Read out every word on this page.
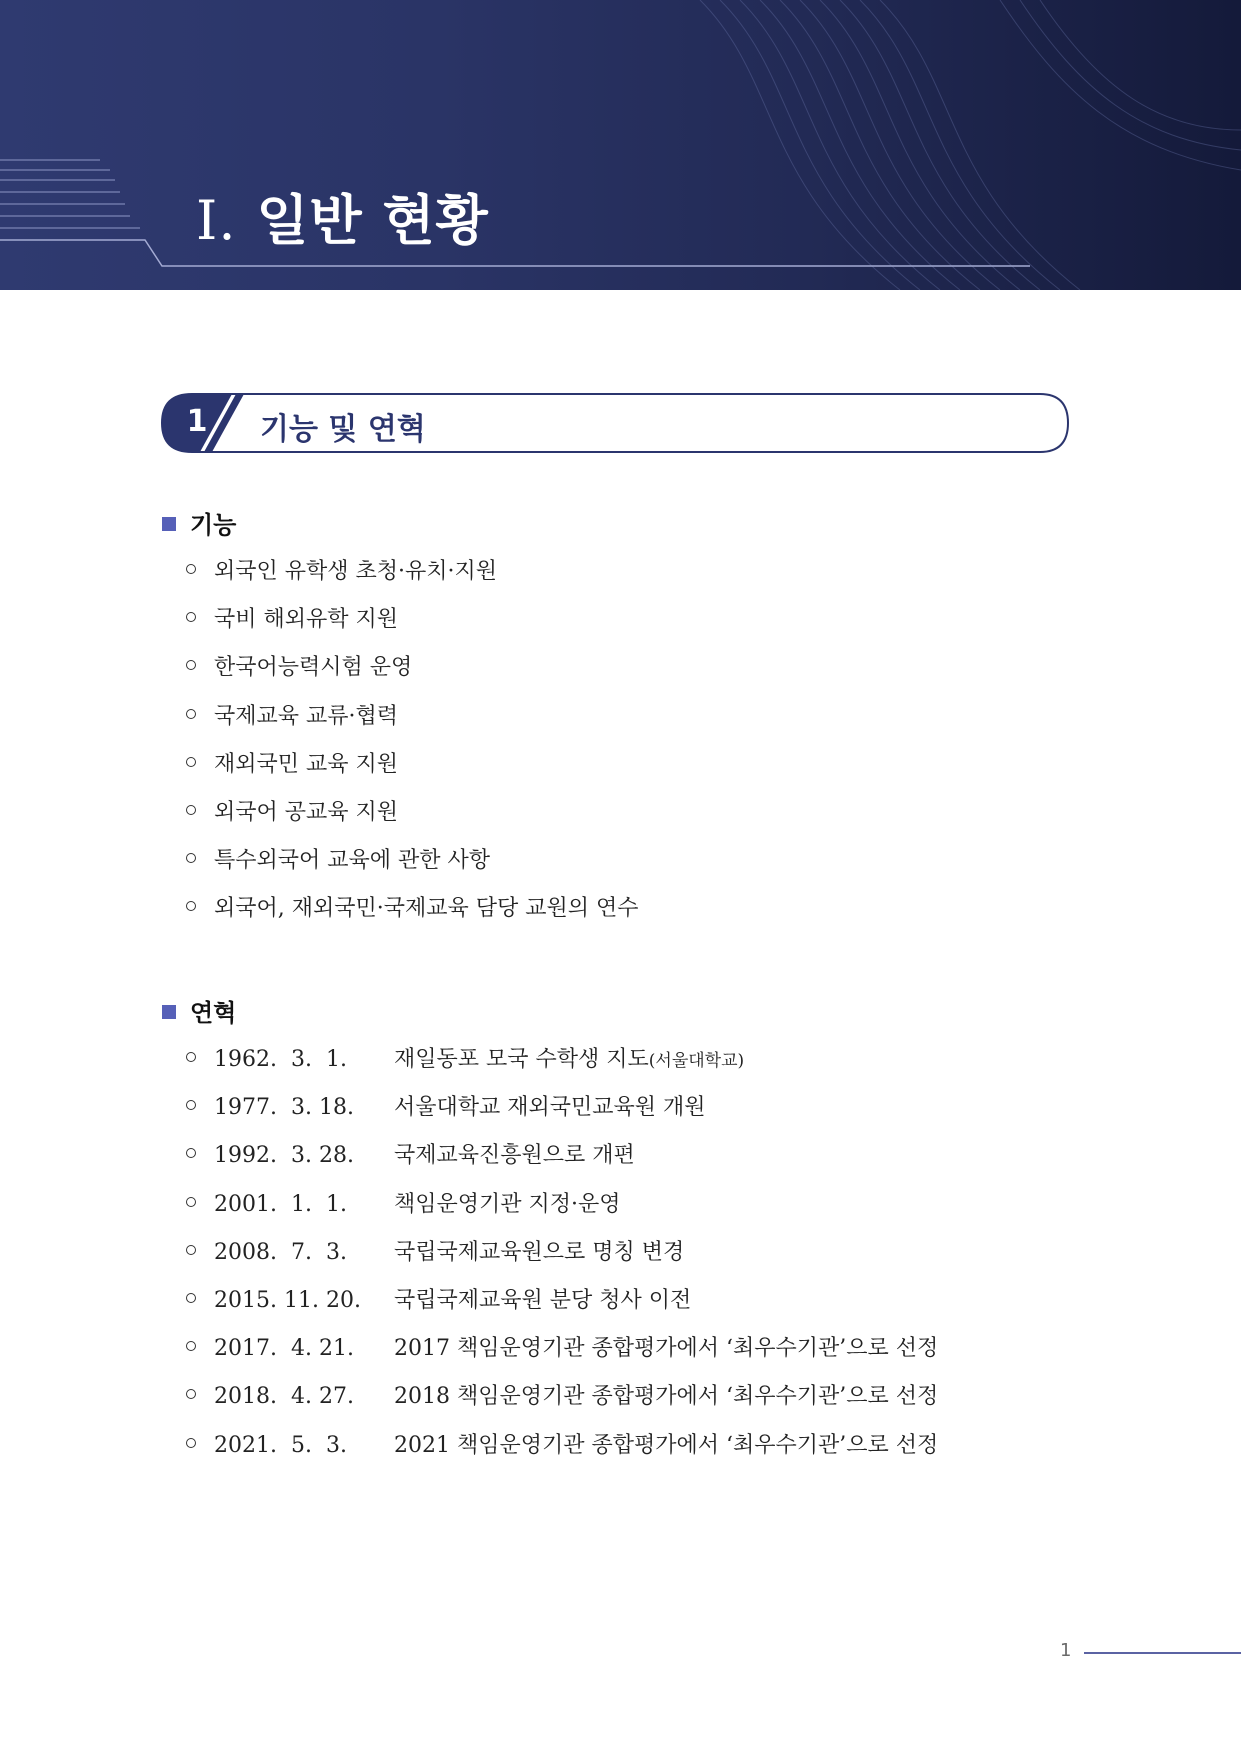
Ⅰ. 일반 현황
1 기능 및 연혁
기능
외국인 유학생 초청·유치·지원
국비 해외유학 지원
한국어능력시험 운영
국제교육 교류·협력
재외국민 교육 지원
외국어 공교육 지원
특수외국어 교육에 관한 사항
외국어, 재외국민·국제교육 담당 교원의 연수
연혁
1962.  3.  1. 재일동포 모국 수학생 지도(서울대학교)
1977.  3. 18. 서울대학교 재외국민교육원 개원
1992.  3. 28. 국제교육진흥원으로 개편
2001.  1.  1. 책임운영기관 지정·운영
2008.  7.  3. 국립국제교육원으로 명칭 변경
2015. 11. 20. 국립국제교육원 분당 청사 이전
2017.  4. 21. 2017 책임운영기관 종합평가에서 ‘최우수기관’으로 선정
2018.  4. 27. 2018 책임운영기관 종합평가에서 ‘최우수기관’으로 선정
2021.  5.  3. 2021 책임운영기관 종합평가에서 ‘최우수기관’으로 선정
1
